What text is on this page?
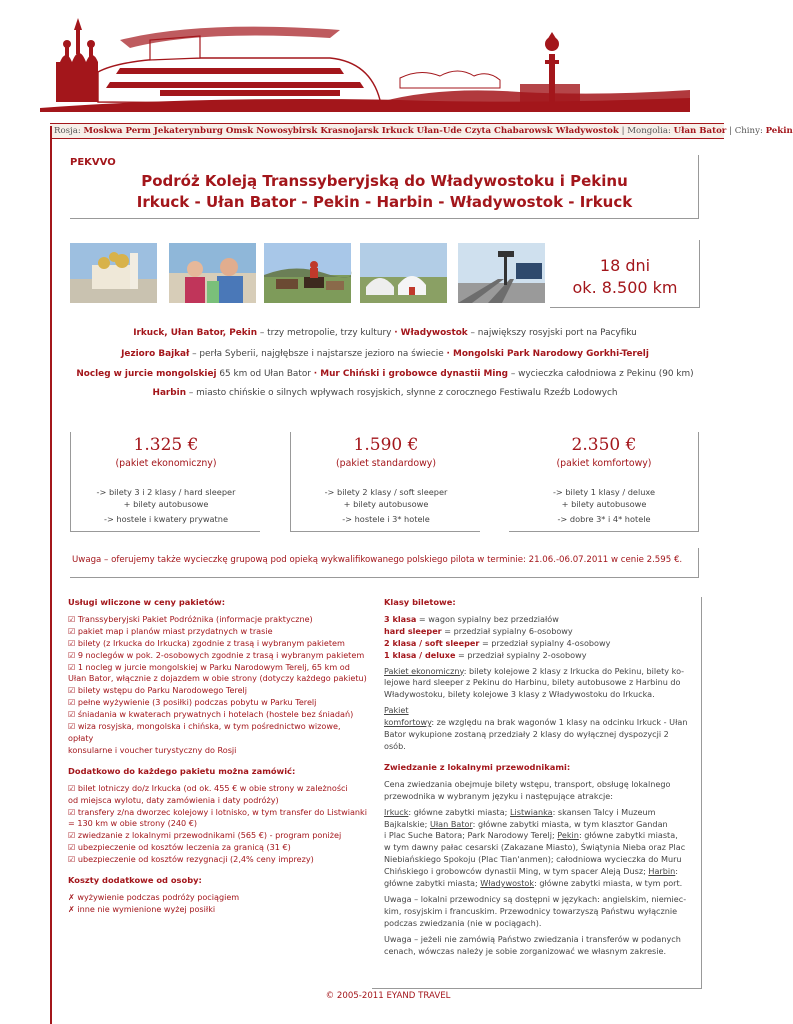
Rosja: Moskwa Perm Jekaterynburg Omsk Nowosybirsk Krasnojarsk Irkuck Ułan-Ude Czyta Chabarowsk Władywostok | Mongolia: Ułan Bator | Chiny: Pekin
Podróż Koleją Transsyberyjską do Władywostoku i Pekinu
Irkuck - Ułan Bator - Pekin - Harbin - Władywostok - Irkuck
PEKVVO
18 dni
ok. 8.500 km
Irkuck, Ułan Bator, Pekin – trzy metropolie, trzy kultury · Władywostok – największy rosyjski port na Pacyfiku
Jezioro Bajkał – perła Syberii, najgłębsze i najstarsze jezioro na świecie · Mongolski Park Narodowy Gorkhi-Terelj
Nocleg w jurcie mongolskiej 65 km od Ułan Bator · Mur Chiński i grobowce dynastii Ming – wycieczka całodniowa z Pekinu (90 km)
Harbin – miasto chińskie o silnych wpływach rosyjskich, słynne z corocznego Festiwalu Rzeźb Lodowych
1.325 €
(pakiet ekonomiczny)
-> bilety 3 i 2 klasy / hard sleeper
+ bilety autobusowe
-> hostele i kwatery prywatne
1.590 €
(pakiet standardowy)
-> bilety 2 klasy / soft sleeper
+ bilety autobusowe
-> hostele i 3* hotele
2.350 €
(pakiet komfortowy)
-> bilety 1 klasy / deluxe
+ bilety autobusowe
-> dobre 3* i 4* hotele
Uwaga – oferujemy także wycieczkę grupową pod opieką wykwalifikowanego polskiego pilota w terminie: 21.06.-06.07.2011 w cenie 2.595 €.
Usługi wliczone w ceny pakietów:
☑ Transsyberyjski Pakiet Podróżnika (informacje praktyczne)
☑ pakiet map i planów miast przydatnych w trasie
☑ bilety (z Irkucka do Irkucka) zgodnie z trasą i wybranym pakietem
☑ 9 noclegów w pok. 2-osobowych zgodnie z trasą i wybranym pakietem
☑ 1 nocleg w jurcie mongolskiej w Parku Narodowym Terelj, 65 km od
Ułan Bator, włącznie z dojazdem w obie strony (dotyczy każdego pakietu)
☑ bilety wstępu do Parku Narodowego Terelj
☑ pełne wyżywienie (3 posiłki) podczas pobytu w Parku Terelj
☑ śniadania w kwaterach prywatnych i hotelach (hostele bez śniadań)
☑ wiza rosyjska, mongolska i chińska, w tym pośrednictwo wizowe, opłaty
konsularne i voucher turystyczny do Rosji
Dodatkowo do każdego pakietu można zamówić:
☑ bilet lotniczy do/z Irkucka (od ok. 455 € w obie strony w zależności
od miejsca wylotu, daty zamówienia i daty podróży)
☑ transfery z/na dworzec kolejowy i lotnisko, w tym transfer do Listwianki
= 130 km w obie strony (240 €)
☑ zwiedzanie z lokalnymi przewodnikami (565 €) - program poniżej
☑ ubezpieczenie od kosztów leczenia za granicą (31 €)
☑ ubezpieczenie od kosztów rezygnacji (2,4% ceny imprezy)
Koszty dodatkowe od osoby:
✗ wyżywienie podczas podróży pociągiem
✗ inne nie wymienione wyżej posiłki
Klasy biletowe:
3 klasa = wagon sypialny bez przedziałów
hard sleeper = przedział sypialny 6-osobowy
2 klasa / soft sleeper = przedział sypialny 4-osobowy
1 klasa / deluxe = przedział sypialny 2-osobowy
Pakiet ekonomiczny: bilety kolejowe 2 klasy z Irkucka do Pekinu, bilety ko-
lejowe hard sleeper z Pekinu do Harbinu, bilety autobusowe z Harbinu do
Władywostoku, bilety kolejowe 3 klasy z Władywostoku do Irkucka.
Pakiet
komfortowy: ze względu na brak wagonów 1 klasy na odcinku Irkuck - Ułan
Bator wykupione zostaną przedziały 2 klasy do wyłącznej dyspozycji 2 osób.
Zwiedzanie z lokalnymi przewodnikami:
Cena zwiedzania obejmuje bilety wstępu, transport, obsługę lokalnego
przewodnika w wybranym języku i następujące atrakcje:
Irkuck: główne zabytki miasta; Listwianka: skansen Talcy i Muzeum
Bajkalskie; Ułan Bator: główne zabytki miasta, w tym klasztor Gandan
i Plac Suche Batora; Park Narodowy Terelj; Pekin: główne zabytki miasta,
w tym dawny pałac cesarski (Zakazane Miasto), Świątynia Nieba oraz Plac
Niebiańskiego Spokoju (Plac Tian'anmen); całodniowa wycieczka do Muru
Chińskiego i grobowców dynastii Ming, w tym spacer Aleją Dusz; Harbin:
główne zabytki miasta; Władywostok: główne zabytki miasta, w tym port.
Uwaga – lokalni przewodnicy są dostępni w językach: angielskim, niemiec-
kim, rosyjskim i francuskim. Przewodnicy towarzyszą Państwu wyłącznie
podczas zwiedzania (nie w pociągach).
Uwaga – jeżeli nie zamówią Państwo zwiedzania i transferów w podanych
cenach, wówczas należy je sobie zorganizować we własnym zakresie.
© 2005-2011 EYAND TRAVEL
